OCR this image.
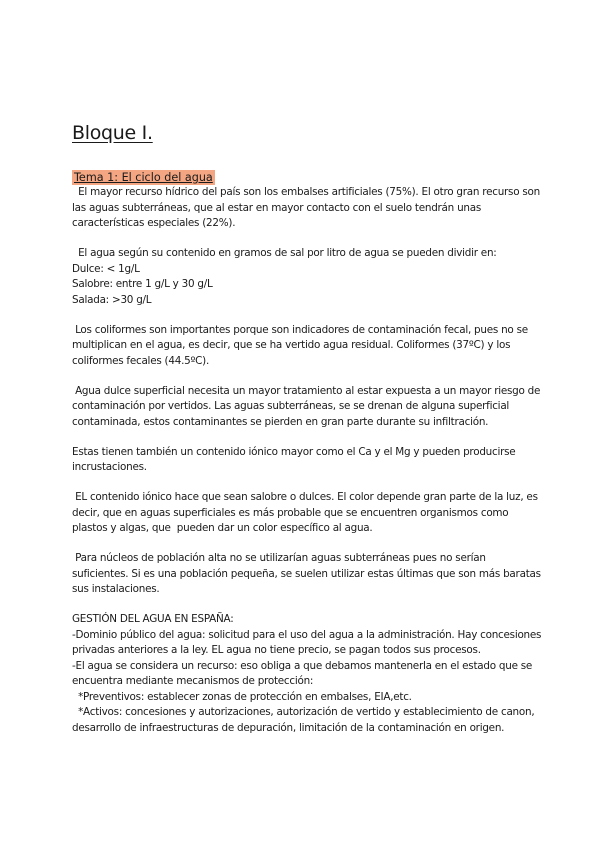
Bloque I.
Tema 1: El ciclo del agua

El mayor recurso hídrico del país son los embalses artificiales (75%). El otro gran recurso son las aguas subterráneas, que al estar en mayor contacto con el suelo tendrán unas características especiales (22%).

El agua según su contenido en gramos de sal por litro de agua se pueden dividir en:

Dulce: < 1g/L

Salobre: entre 1 g/L y 30 g/L

Salada: >30 g/L

Los coliformes son importantes porque son indicadores de contaminación fecal, pues no se multiplican en el agua, es decir, que se ha vertido agua residual. Coliformes (37ºC) y los coliformes fecales (44.5ºC).

Agua dulce superficial necesita un mayor tratamiento al estar expuesta a un mayor riesgo de contaminación por vertidos. Las aguas subterráneas, se se drenan de alguna superficial contaminada, estos contaminantes se pierden en gran parte durante su infiltración.

Estas tienen también un contenido iónico mayor como el Ca y el Mg y pueden producirse incrustaciones.

EL contenido iónico hace que sean salobre o dulces. El color depende gran parte de la luz, es decir, que en aguas superficiales es más probable que se encuentren organismos como plastos y algas, que  pueden dar un color específico al agua.

Para núcleos de población alta no se utilizarían aguas subterráneas pues no serían suficientes. Si es una población pequeña, se suelen utilizar estas últimas que son más baratas sus instalaciones.

GESTIÓN DEL AGUA EN ESPAÑA:

-Dominio público del agua: solicitud para el uso del agua a la administración. Hay concesiones privadas anteriores a la ley. EL agua no tiene precio, se pagan todos sus procesos.

-El agua se considera un recurso: eso obliga a que debamos mantenerla en el estado que se encuentra mediante mecanismos de protección:

*Preventivos: establecer zonas de protección en embalses, EIA,etc.

*Activos: concesiones y autorizaciones, autorización de vertido y establecimiento de canon, desarrollo de infraestructuras de depuración, limitación de la contaminación en origen.
